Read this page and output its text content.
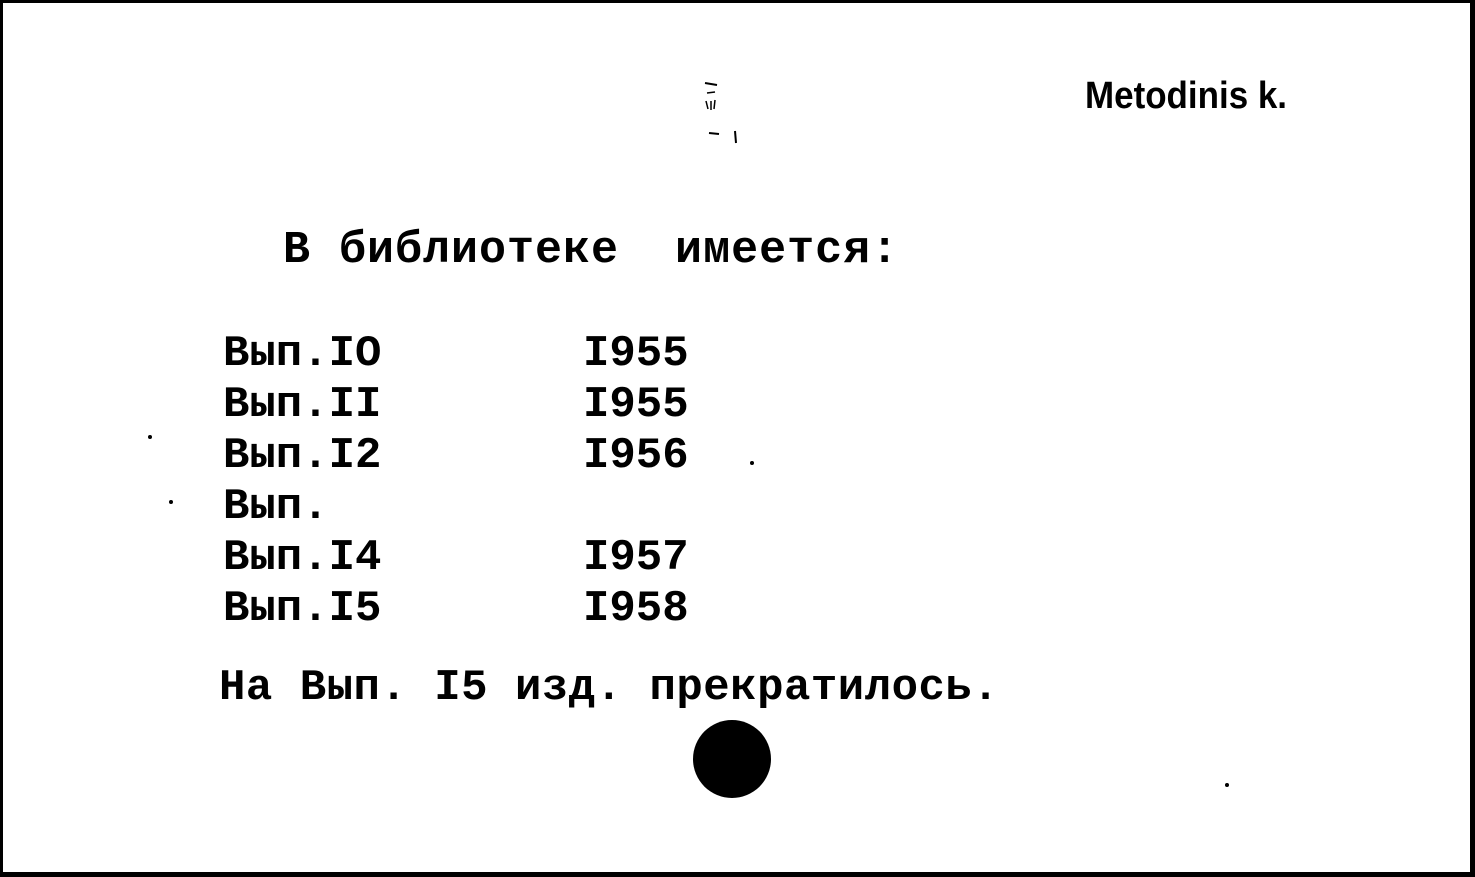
Metodinis k.
В библиотеке  имеется:
Вып.IO	I955
Вып.II	I955
Вып.I2	I956
Вып.
Вып.I4	I957
Вып.I5	I958
На Вып. I5 изд. прекратилось.
